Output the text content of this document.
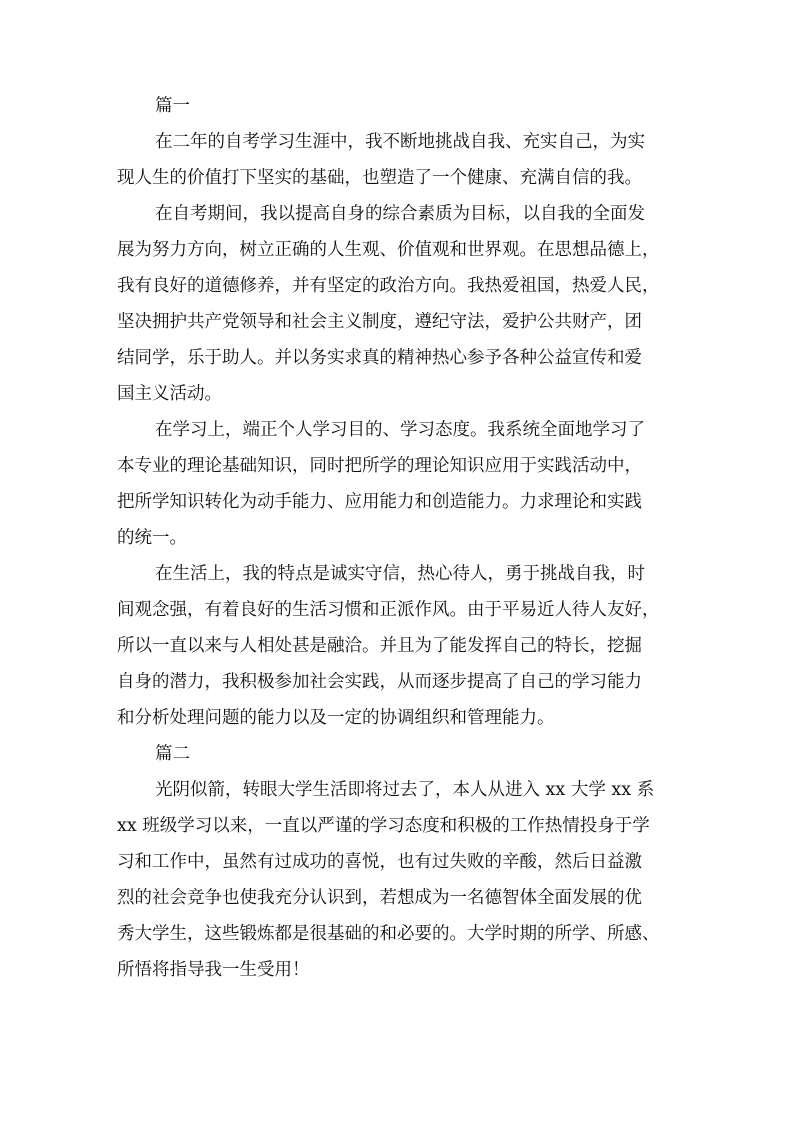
篇一

在二年的自考学习生涯中，我不断地挑战自我、充实自己，为实

现人生的价值打下坚实的基础，也塑造了一个健康、充满自信的我。

在自考期间，我以提高自身的综合素质为目标，以自我的全面发

展为努力方向，树立正确的人生观、价值观和世界观。在思想品德上，

我有良好的道德修养，并有坚定的政治方向。我热爱祖国，热爱人民，

坚决拥护共产党领导和社会主义制度，遵纪守法，爱护公共财产，团

结同学，乐于助人。并以务实求真的精神热心参予各种公益宣传和爱

国主义活动。

在学习上，端正个人学习目的、学习态度。我系统全面地学习了

本专业的理论基础知识，同时把所学的理论知识应用于实践活动中，

把所学知识转化为动手能力、应用能力和创造能力。力求理论和实践

的统一。

在生活上，我的特点是诚实守信，热心待人，勇于挑战自我，时

间观念强，有着良好的生活习惯和正派作风。由于平易近人待人友好，

所以一直以来与人相处甚是融洽。并且为了能发挥自己的特长，挖掘

自身的潜力，我积极参加社会实践，从而逐步提高了自己的学习能力

和分析处理问题的能力以及一定的协调组织和管理能力。

篇二

光阴似箭，转眼大学生活即将过去了，本人从进入 xx 大学 xx 系

xx 班级学习以来，一直以严谨的学习态度和积极的工作热情投身于学

习和工作中，虽然有过成功的喜悦，也有过失败的辛酸，然后日益激

烈的社会竞争也使我充分认识到，若想成为一名德智体全面发展的优

秀大学生，这些锻炼都是很基础的和必要的。大学时期的所学、所感、

所悟将指导我一生受用！
